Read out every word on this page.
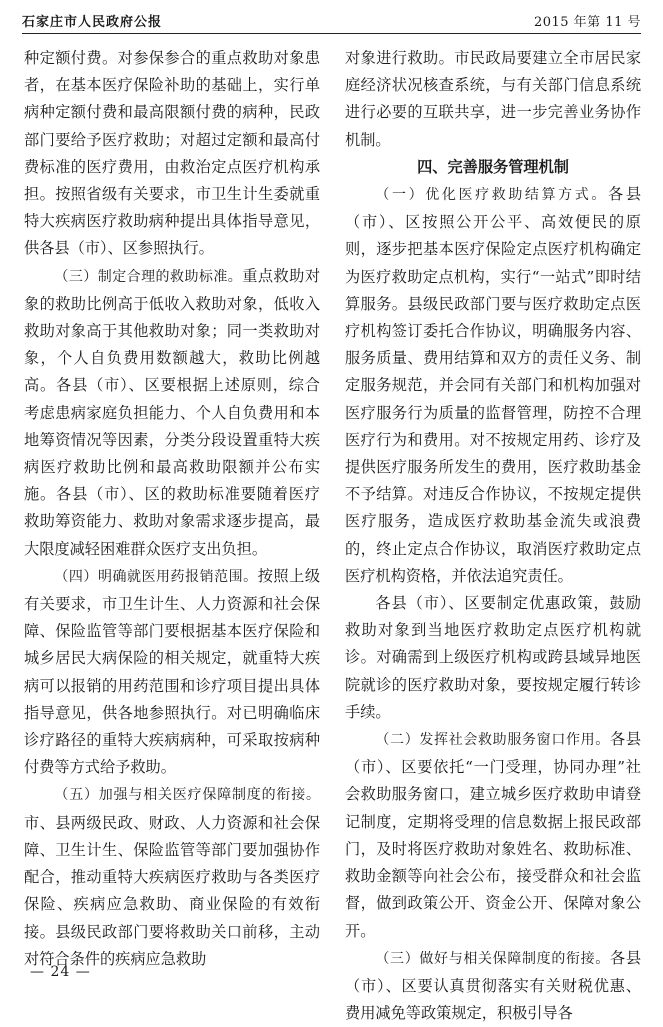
石家庄市人民政府公报	2015 年第 11 号

种定额付费。对参保参合的重点救助对象患者，在基本医疗保险补助的基础上，实行单病种定额付费和最高限额付费的病种，民政部门要给予医疗救助；对超过定额和最高付费标准的医疗费用，由救治定点医疗机构承担。按照省级有关要求，市卫生计生委就重特大疾病医疗救助病种提出具体指导意见，供各县（市）、区参照执行。

（三）制定合理的救助标准。重点救助对象的救助比例高于低收入救助对象，低收入救助对象高于其他救助对象；同一类救助对象，个人自负费用数额越大，救助比例越高。各县（市）、区要根据上述原则，综合考虑患病家庭负担能力、个人自负费用和本地筹资情况等因素，分类分段设置重特大疾病医疗救助比例和最高救助限额并公布实施。各县（市）、区的救助标准要随着医疗救助筹资能力、救助对象需求逐步提高，最大限度减轻困难群众医疗支出负担。

（四）明确就医用药报销范围。按照上级有关要求，市卫生计生、人力资源和社会保障、保险监管等部门要根据基本医疗保险和城乡居民大病保险的相关规定，就重特大疾病可以报销的用药范围和诊疗项目提出具体指导意见，供各地参照执行。对已明确临床诊疗路径的重特大疾病病种，可采取按病种付费等方式给予救助。

（五）加强与相关医疗保障制度的衔接。市、县两级民政、财政、人力资源和社会保障、卫生计生、保险监管等部门要加强协作配合，推动重特大疾病医疗救助与各类医疗保险、疾病应急救助、商业保险的有效衔接。县级民政部门要将救助关口前移，主动对符合条件的疾病应急救助

对象进行救助。市民政局要建立全市居民家庭经济状况核查系统，与有关部门信息系统进行必要的互联共享，进一步完善业务协作机制。

四、完善服务管理机制

（一）优化医疗救助结算方式。各县（市）、区按照公开公平、高效便民的原则，逐步把基本医疗保险定点医疗机构确定为医疗救助定点机构，实行“一站式”即时结算服务。县级民政部门要与医疗救助定点医疗机构签订委托合作协议，明确服务内容、服务质量、费用结算和双方的责任义务、制定服务规范，并会同有关部门和机构加强对医疗服务行为质量的监督管理，防控不合理医疗行为和费用。对不按规定用药、诊疗及提供医疗服务所发生的费用，医疗救助基金不予结算。对违反合作协议，不按规定提供医疗服务，造成医疗救助基金流失或浪费的，终止定点合作协议，取消医疗救助定点医疗机构资格，并依法追究责任。

各县（市）、区要制定优惠政策，鼓励救助对象到当地医疗救助定点医疗机构就诊。对确需到上级医疗机构或跨县域异地医院就诊的医疗救助对象，要按规定履行转诊手续。

（二）发挥社会救助服务窗口作用。各县（市）、区要依托“一门受理，协同办理”社会救助服务窗口，建立城乡医疗救助申请登记制度，定期将受理的信息数据上报民政部门，及时将医疗救助对象姓名、救助标准、救助金额等向社会公布，接受群众和社会监督，做到政策公开、资金公开、保障对象公开。

（三）做好与相关保障制度的衔接。各县（市）、区要认真贯彻落实有关财税优惠、费用减免等政策规定，积极引导各

— 24 —
